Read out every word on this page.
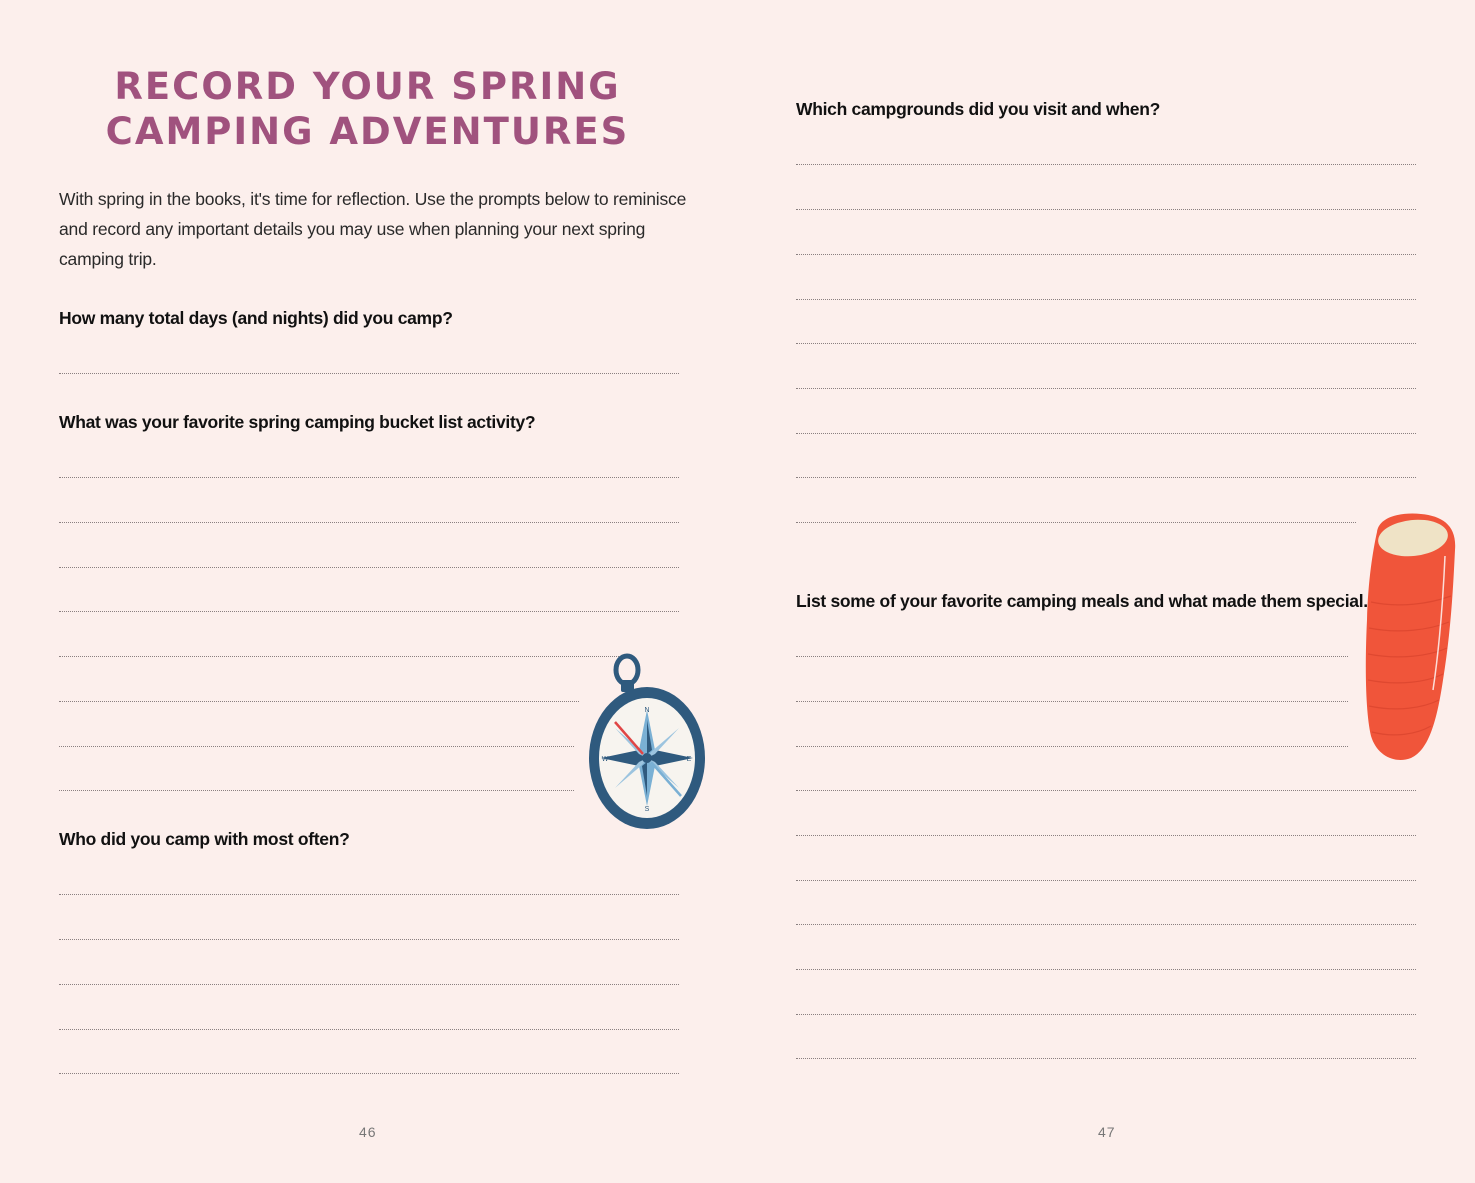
RECORD YOUR SPRING
CAMPING ADVENTURES

With spring in the books, it's time for reflection. Use the prompts below to reminisce and record any important details you may use when planning your next spring camping trip.

How many total days (and nights) did you camp?

What was your favorite spring camping bucket list activity?

Who did you camp with most often?

N
E
S
W
46

Which campgrounds did you visit and when?

List some of your favorite camping meals and what made them special.

47
